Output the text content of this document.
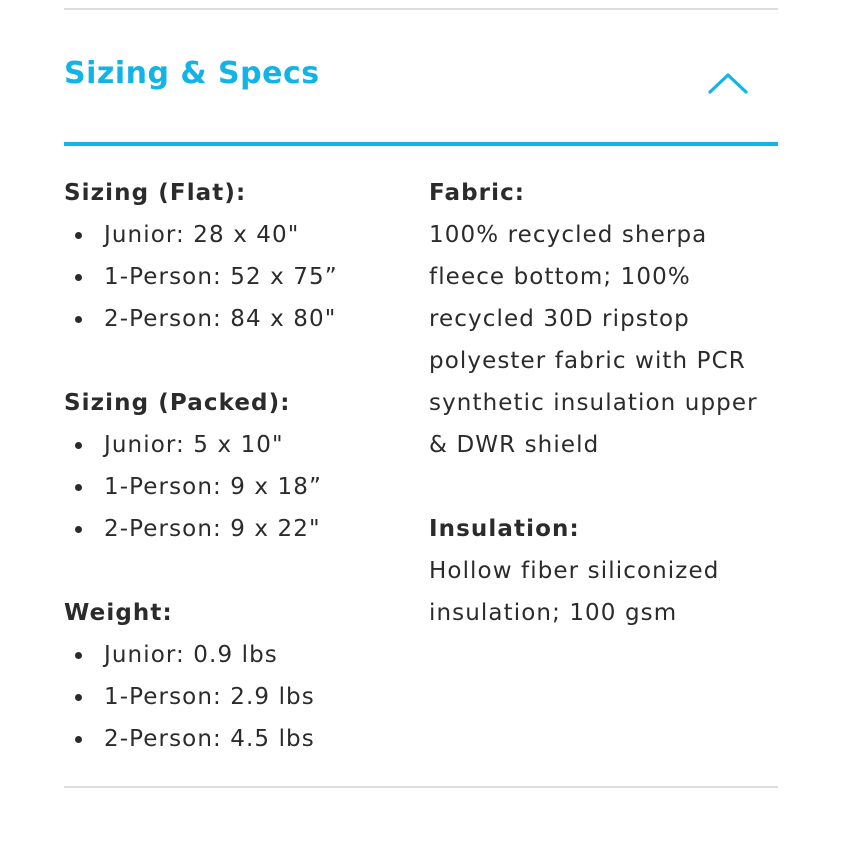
Sizing & Specs
Sizing (Flat):
Junior: 28 x 40"
1-Person: 52 x 75”
2-Person: 84 x 80"
Sizing (Packed):
Junior: 5 x 10"
1-Person: 9 x 18”
2-Person: 9 x 22"
Weight:
Junior: 0.9 lbs
1-Person: 2.9 lbs
2-Person: 4.5 lbs
Fabric:

100% recycled sherpa fleece bottom; 100% recycled 30D ripstop polyester fabric with PCR synthetic insulation upper & DWR shield

Insulation:

Hollow fiber siliconized insulation; 100 gsm
